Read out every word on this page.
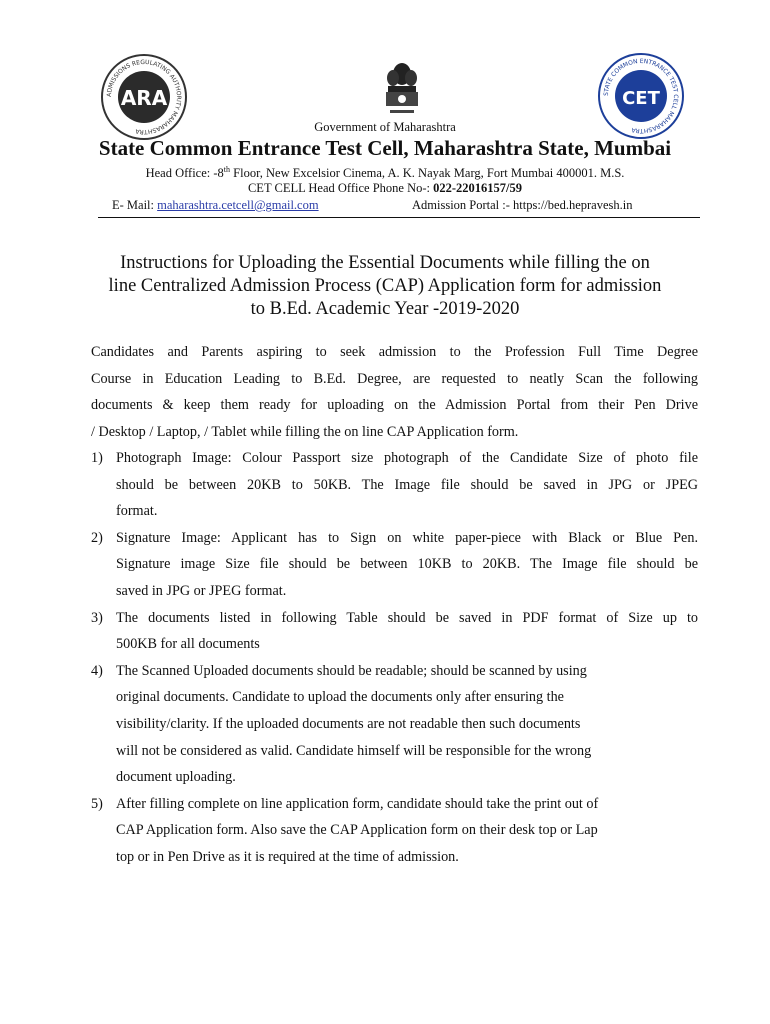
ADMISSIONS REGULATING AUTHORITY MAHARASHTRA
ARA	STATE COMMON ENTRANCE TEST CELL MAHARASHTRA
CET
Government of Maharashtra
State Common Entrance Test Cell, Maharashtra State, Mumbai
Head Office: -8th Floor, New Excelsior Cinema, A. K. Nayak Marg, Fort Mumbai 400001. M.S.
CET CELL Head Office Phone No-: 022-22016157/59
E- Mail: maharashtra.cetcell@gmail.com	Admission Portal :- https://bed.hepravesh.in
Instructions for Uploading the Essential Documents while filling the on
line Centralized Admission Process (CAP) Application form for admission
to B.Ed. Academic Year -2019-2020
Candidates and Parents aspiring to seek admission to the Profession Full Time Degree
Course in Education Leading to B.Ed. Degree, are requested to neatly Scan the following
documents & keep them ready for uploading on the Admission Portal from their Pen Drive
/ Desktop / Laptop, / Tablet while filling the on line CAP Application form.
1) Photograph Image: Colour Passport size photograph of the Candidate Size of photo file
should be between 20KB to 50KB. The Image file should be saved in JPG or JPEG
format.
2) Signature Image: Applicant has to Sign on white paper-piece with Black or Blue Pen.
Signature image Size file should be between 10KB to 20KB. The Image file should be
saved in JPG or JPEG format.
3) The documents listed in following Table should be saved in PDF format of Size up to
500KB for all documents
4) The Scanned Uploaded documents should be readable; should be scanned by using
original documents. Candidate to upload the documents only after ensuring the
visibility/clarity. If the uploaded documents are not readable then such documents
will not be considered as valid. Candidate himself will be responsible for the wrong
document uploading.
5) After filling complete on line application form, candidate should take the print out of
CAP Application form. Also save the CAP Application form on their desk top or Lap
top or in Pen Drive as it is required at the time of admission.
